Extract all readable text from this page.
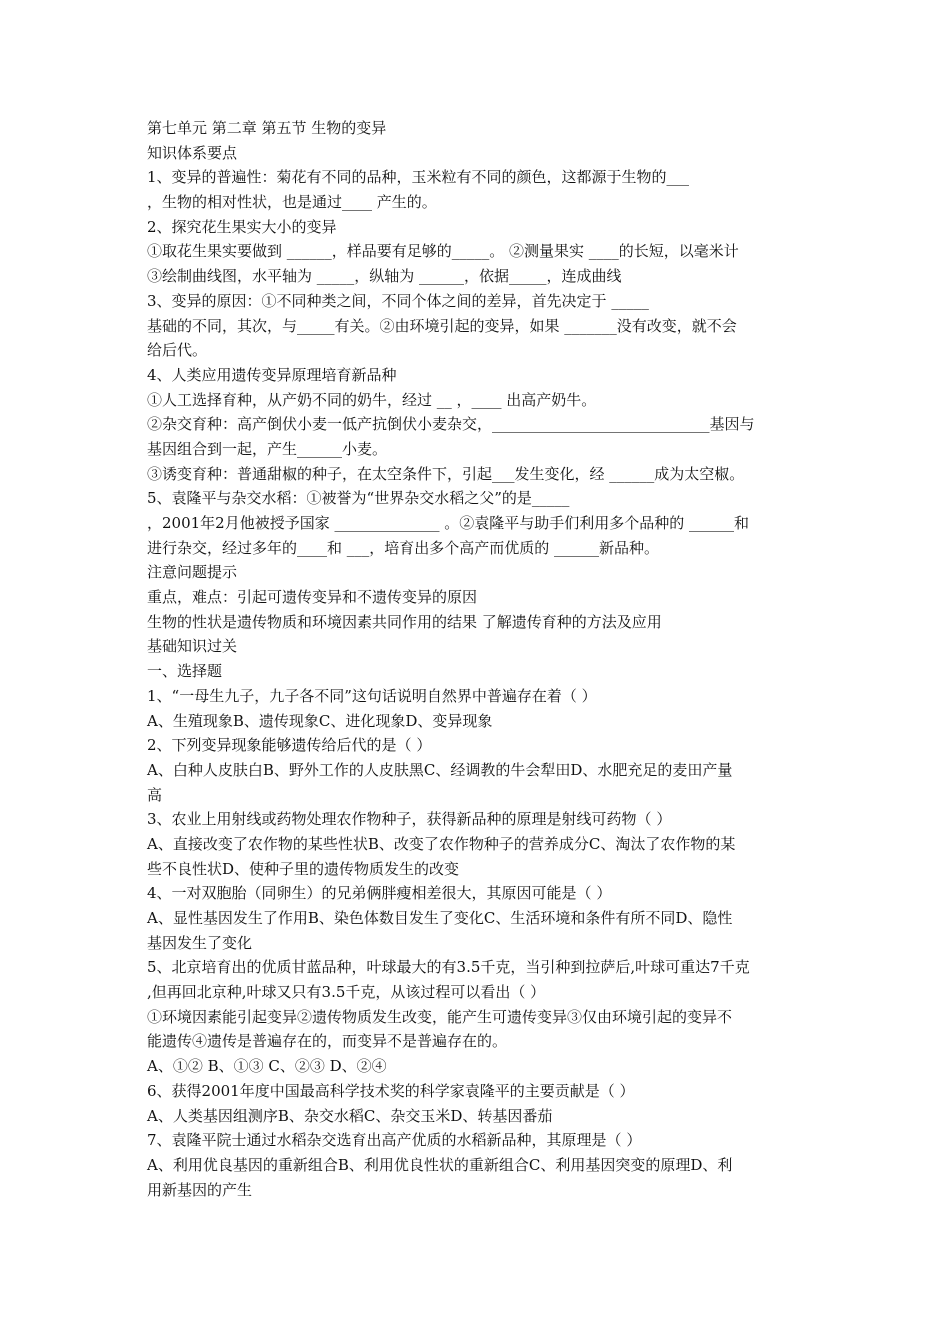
第七单元 第二章 第五节 生物的变异
知识体系要点
1、变异的普遍性：菊花有不同的品种，玉米粒有不同的颜色，这都源于生物的___
，生物的相对性状，也是通过____ 产生的。
2、探究花生果实大小的变异
①取花生果实要做到 ______，样品要有足够的_____。 ②测量果实 ____的长短，以毫米计
③绘制曲线图，水平轴为 _____，纵轴为 ______，依据_____，连成曲线
3、变异的原因：①不同种类之间，不同个体之间的差异，首先决定于 _____
基础的不同，其次，与_____有关。②由环境引起的变异，如果 _______没有改变，就不会
给后代。
4、人类应用遗传变异原理培育新品种
①人工选择育种，从产奶不同的奶牛，经过 __ ，____ 出高产奶牛。
②杂交育种：高产倒伏小麦一低产抗倒伏小麦杂交，_____________________________基因与
基因组合到一起，产生______小麦。
③诱变育种：普通甜椒的种子，在太空条件下，引起___发生变化，经 ______成为太空椒。
5、袁隆平与杂交水稻：①被誉为“世界杂交水稻之父”的是_____
，2001年2月他被授予国家 ______________ 。②袁隆平与助手们利用多个品种的 ______和
进行杂交，经过多年的____和 ___，培育出多个高产而优质的 ______新品种。
注意问题提示
重点，难点：引起可遗传变异和不遗传变异的原因
生物的性状是遗传物质和环境因素共同作用的结果 了解遗传育种的方法及应用
基础知识过关
一、选择题
1、“一母生九子，九子各不同”这句话说明自然界中普遍存在着（ ）
A、生殖现象B、遗传现象C、进化现象D、变异现象
2、下列变异现象能够遗传给后代的是（ ）
A、白种人皮肤白B、野外工作的人皮肤黑C、经调教的牛会犁田D、水肥充足的麦田产量
高
3、农业上用射线或药物处理农作物种子，获得新品种的原理是射线可药物（ ）
A、直接改变了农作物的某些性状B、改变了农作物种子的营养成分C、淘汰了农作物的某
些不良性状D、使种子里的遗传物质发生的改变
4、一对双胞胎（同卵生）的兄弟俩胖瘦相差很大，其原因可能是（ ）
A、显性基因发生了作用B、染色体数目发生了变化C、生活环境和条件有所不同D、隐性
基因发生了变化
5、北京培育出的优质甘蓝品种，叶球最大的有3.5千克，当引种到拉萨后,叶球可重达7千克
,但再回北京种,叶球又只有3.5千克，从该过程可以看出（ ）
①环境因素能引起变异②遗传物质发生改变，能产生可遗传变异③仅由环境引起的变异不
能遗传④遗传是普遍存在的，而变异不是普遍存在的。
A、①② B、①③ C、②③ D、②④
6、获得2001年度中国最高科学技术奖的科学家袁隆平的主要贡献是（ ）
A、人类基因组测序B、杂交水稻C、杂交玉米D、转基因番茄
7、袁隆平院士通过水稻杂交选育出高产优质的水稻新品种，其原理是（ ）
A、利用优良基因的重新组合B、利用优良性状的重新组合C、利用基因突变的原理D、利
用新基因的产生
